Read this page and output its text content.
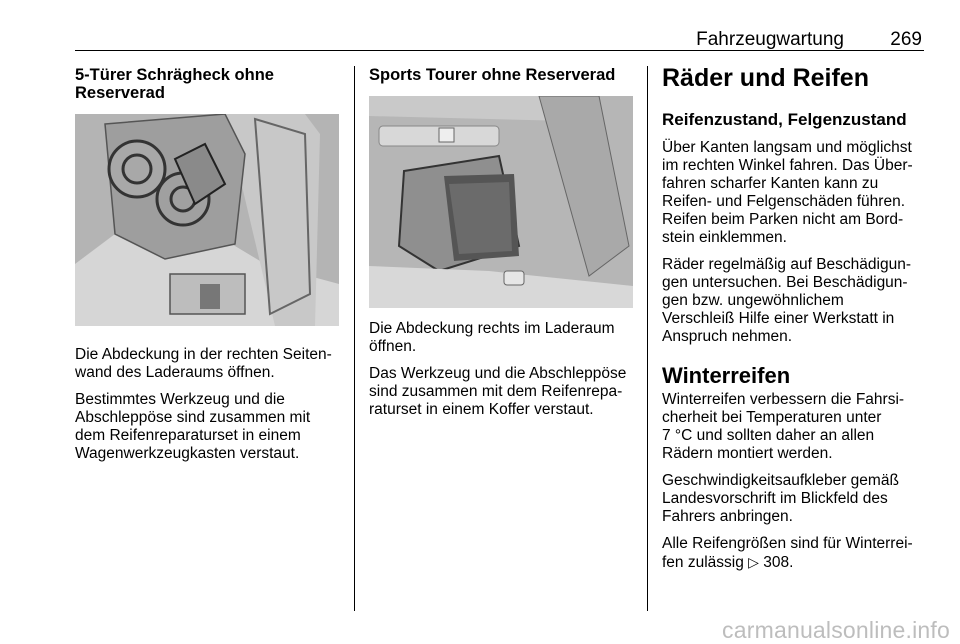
Fahrzeugwartung 269

5-Türer Schrägheck ohne

Reserverad

Die Abdeckung in der rechten Seiten-
wand des Laderaums öffnen.

Bestimmtes Werkzeug und die
Abschleppöse sind zusammen mit
dem Reifenreparaturset in einem
Wagenwerkzeugkasten verstaut.

Sports Tourer ohne Reserverad

Die Abdeckung rechts im Laderaum
öffnen.

Das Werkzeug und die Abschleppöse
sind zusammen mit dem Reifenrepa-
raturset in einem Koffer verstaut.

Räder und Reifen

Reifenzustand, Felgenzustand

Über Kanten langsam und möglichst
im rechten Winkel fahren. Das Über-
fahren scharfer Kanten kann zu
Reifen- und Felgenschäden führen.
Reifen beim Parken nicht am Bord-
stein einklemmen.

Räder regelmäßig auf Beschädigun-
gen untersuchen. Bei Beschädigun-
gen bzw. ungewöhnlichem
Verschleiß Hilfe einer Werkstatt in
Anspruch nehmen.

Winterreifen

Winterreifen verbessern die Fahrsi-
cherheit bei Temperaturen unter
7 °C und sollten daher an allen
Rädern montiert werden.

Geschwindigkeitsaufkleber gemäß
Landesvorschrift im Blickfeld des
Fahrers anbringen.

Alle Reifengrößen sind für Winterrei-
fen zulässig ▷ 308.

carmanualsonline.info
